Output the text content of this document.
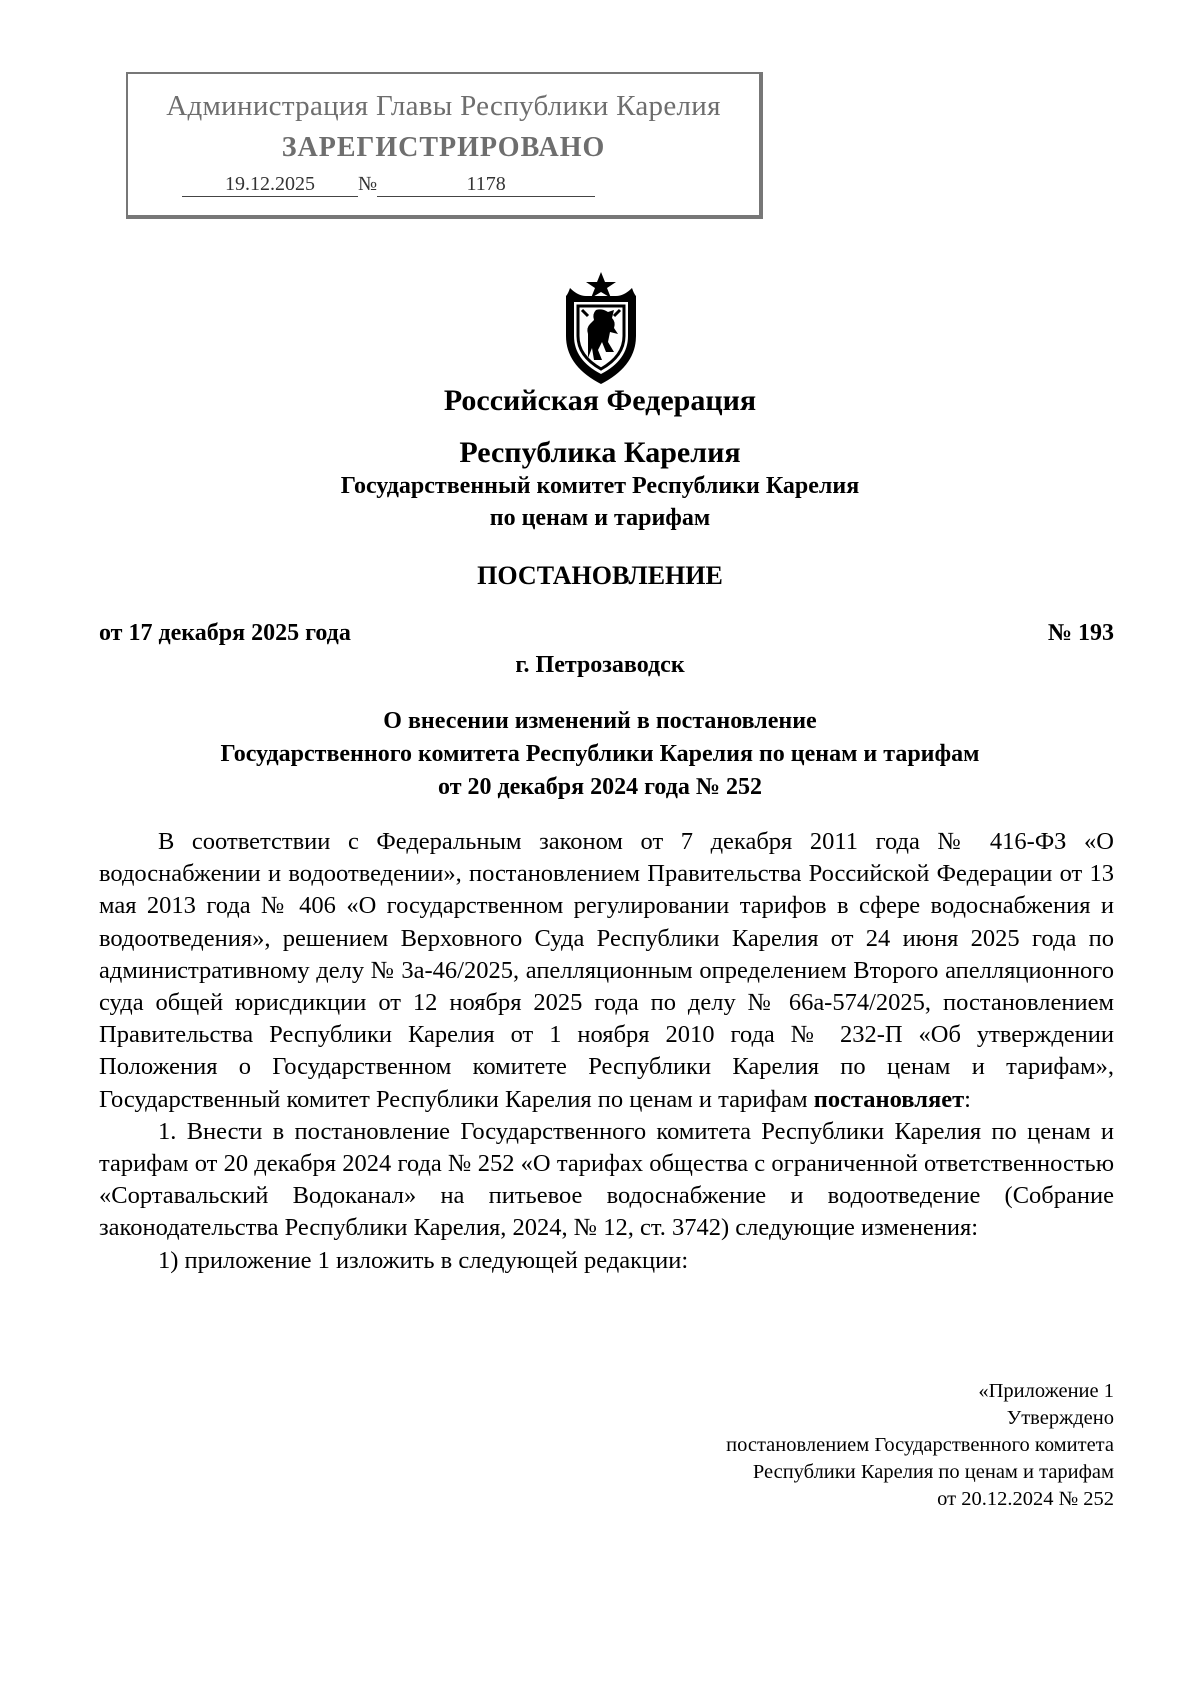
Администрация Главы Республики Карелия
ЗАРЕГИСТРИРОВАНО
19.12.2025 №	1178
Российская Федерация
Республика Карелия
Государственный комитет Республики Карелия
по ценам и тарифам
ПОСТАНОВЛЕНИЕ
от 17 декабря 2025 года	№ 193
г. Петрозаводск
О внесении изменений в постановление
Государственного комитета Республики Карелия по ценам и тарифам
от 20 декабря 2024 года № 252

В соответствии с Федеральным законом от 7 декабря 2011 года № 416-ФЗ «О водоснабжении и водоотведении», постановлением Правительства Российской Федерации от 13 мая 2013 года № 406 «О государственном регулировании тарифов в сфере водоснабжения и водоотведения», решением Верховного Суда Республики Карелия от 24 июня 2025 года по административному делу № 3а-46/2025, апелляционным определением Второго апелляционного суда общей юрисдикции от 12 ноября 2025 года по делу № 66а-574/2025, постановлением Правительства Республики Карелия от 1 ноября 2010 года № 232-П «Об утверждении Положения о Государственном комитете Республики Карелия по ценам и тарифам», Государственный комитет Республики Карелия по ценам и тарифам постановляет:

1. Внести в постановление Государственного комитета Республики Карелия по ценам и тарифам от 20 декабря 2024 года № 252 «О тарифах общества с ограниченной ответственностью «Сортавальский Водоканал» на питьевое водоснабжение и водоотведение (Собрание законодательства Республики Карелия, 2024, № 12, ст. 3742) следующие изменения:

1) приложение 1 изложить в следующей редакции:

«Приложение 1
Утверждено
постановлением Государственного комитета
Республики Карелия по ценам и тарифам
от 20.12.2024 № 252
